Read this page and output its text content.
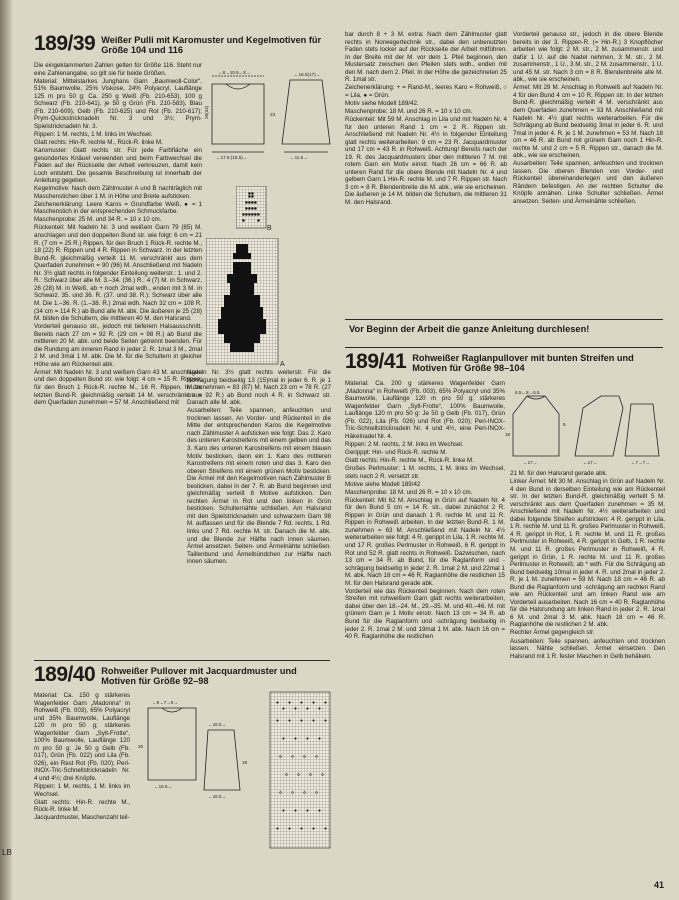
189/39 Weißer Pulli mit Karomuster und Kegelmotiven für Größe 104 und 116
←8→10.5←8→
←17.5 (18.5)→
←16.5(17)→
←11.5→
26(34)	23
B
A

Die eingeklammerten Zahlen gelten für Größe 116. Steht nur eine Zahlenangabe, so gilt sie für beide Größen.

Material: Mittelstarkes Junghans Garn „Baumwoll-Color“, 51% Baumwolle, 25% Viskose, 24% Polyacryl, Lauflänge 125 m pro 50 g: Ca. 250 g Weiß (Fb. 210-653), 100 g Schwarz (Fb. 210-641), je 50 g Grün (Fb. 210-583), Blau (Fb. 210-609), Gelb (Fb. 210-625) und Rot (Fb. 210-617); Prym-Quickstricknadeln Nr. 3 und 3½; Prym-Spielstricknadeln Nr. 3.

Rippen: 1 M. rechts, 1 M. links im Wechsel.

Glatt rechts: Hin-R. rechte M., Rück-R. linke M.

Karomuster: Glatt rechts str. Für jede Farbfläche ein gesondertes Knäuel verwenden und beim Farbwechsel die Fäden auf der Rückseite der Arbeit verkreuzen, damit kein Loch entsteht. Die gesamte Beschreibung ist innerhalb der Anleitung gegeben.

Kegelmotive: Nach dem Zählmuster A und B nachträglich mit Maschenstichen über 1 M. in Höhe und Breite aufsticken.

Zeichenerklärung: Leere Karos = Grundfarbe Weiß, ● = 1 Maschenstich in der entsprechenden Schmuckfarbe.

Maschenprobe: 25 M. und 34 R. = 10 x 10 cm.

Rückenteil: Mit Nadeln Nr. 3 und weißem Garn 79 (85) M. anschlagen und den doppelten Bund str. wie folgt: 6 cm = 21 R. (7 cm = 25 R.) Rippen, für den Bruch 1 Rück-R. rechte M., 18 (22) R. Rippen und 4 R. Rippen in Schwarz. In der letzten Bund-R. gleichmäßig verteilt 11 M. verschränkt aus dem Querfaden zunehmen = 90 (96) M. Anschließend mit Nadeln Nr. 3½ glatt rechts in folgender Einteilung weiterstr.: 1. und 2. R.: Schwarz über alle M. 3.–34. (36.) R.: 4 (7) M. in Schwarz, 26 (28) M. in Weiß, ab + noch 2mal wdh., enden mit 3 M. in Schwarz. 35. und 36. R. (37. und 38. R.): Schwarz über alle M. Die 1.–36. R. (1.–38. R.) 2mal wdh. Nach 32 cm = 108 R. (34 cm = 114 R.) ab Bund alle M. abk. Die äußeren je 25 (28) M. bilden die Schultern, die mittleren 40 M. den Halsrand.

Vorderteil genauso str., jedoch mit tieferem Halsausschnitt. Bereits nach 27 cm = 92 R. (29 cm = 98 R.) ab Bund die mittleren 20 M. abk. und beide Seiten getrennt beenden. Für die Rundung am inneren Rand in jeder 2. R. 1mal 3 M., 2mal 2 M. und 3mal 1 M. abk. Die M. für die Schultern in gleicher Höhe wie am Rückenteil abk.

Ärmel: Mit Nadeln Nr. 3 und weißem Garn 43 M. anschlagen und den doppelten Bund str. wie folgt: 4 cm = 15 R. Rippen, für den Bruch 1 Rück-R. rechte M., 16 R. Rippen. In der letzten Bund-R. gleichmäßig verteilt 14 M. verschränkt aus dem Querfaden zunehmen = 57 M. Anschließend mit

Nadeln Nr. 3½ glatt rechts weiterstr. Für die Schrägung beidseitig 13 (15)mal in jeder 6. R. je 1 M. zunehmen = 83 (87) M. Nach 23 cm = 78 R. (27 cm = 92 R.) ab Bund noch 4 R. in Schwarz str. Danach alle M. abk.

Ausarbeiten: Teile spannen, anfeuchten und trocknen lassen. An Vorder- und Rückenteil in die Mitte der entsprechenden Karos die Kegelmotive nach Zählmuster A aufsticken wie folgt: Das 2. Karo des unteren Karostreifens mit einem gelben und das 3. Karo des unteren Karostreifens mit einem blauen Motiv besticken, dann ein 1. Karo des mittleren Karostreifens mit einem roten und das 3. Karo des oberen Streifens mit einem grünen Motiv besticken. Die Ärmel mit den Kegelmotiven nach Zählmuster B besticken, dabei in der 7. R. ab Bund beginnen und gleichmäßig verteilt 8 Motive aufsticken. Den rechten Ärmel in Rot und den linken in Grün besticken. Schulternähte schließen. Am Halsrand mit den Spielstricknadeln und schwarzem Garn 98 M. auffassen und für die Blende 7 Rd. rechts, 1 Rd. links und 7 Rd. rechte M. str. Danach die M. abk. und die Blende zur Hälfte nach innen säumen. Ärmel ansetzen. Seiten- und Ärmelnähte schließen. Taillenbund und Ärmelbündchen zur Hälfte nach innen säumen.

189/40 Rohweißer Pullover mit Jacquardmuster und Motiven für Größe 92–98

Material: Ca. 150 g stärkeres Wagenfelder Garn „Madonna“ in Rohweiß (Fb. 003), 65% Polyacryl und 35% Baumwolle, Lauflänge 120 m pro 50 g; stärkeres Wagenfelder Garn „Sylt-Frotte“, 100% Baumwolle, Lauflänge 120 m pro 50 g: Je 50 g Gelb (Fb. 017), Grün (Fb. 022) und Lila (Fb. 026), ein Rest Rot (Fb. 020); Perl-INOX-Tric-Schnellstricknadeln Nr. 4 und 4½; drei Knöpfe.

Rippen: 1 M. rechts, 1 M. links im Wechsel.

Glatt rechts: Hin-R. rechte M., Rück-R. linke M.

Jacquardmuster, Maschenzahl teil-

←9→7→9→
←16.5→
←16.5→
←16.5→
26
18

bar durch 8 + 3 M. extra: Nach dem Zählmuster glatt rechts in Norwegertechnik str., dabei den unbenutzten Faden stets locker auf der Rückseite der Arbeit mitführen. In der Breite mit der M. vor dem 1. Pfeil beginnen, den Mustersatz zwischen den Pfeilen stets wdh., enden mit den M. nach dem 2. Pfeil. In der Höhe die gezeichneten 25 R. 1mal str.

Zeichenerklärung: + = Rand-M., leeres Karo = Rohweiß, ○ = Lila, ● = Grün.

Motiv siehe Modell 189/42.

Maschenprobe: 18 M. und 26 R. = 10 x 10 cm.

Rückenteil: Mit 59 M. Anschlag in Lila und mit Nadeln Nr. 4 für den unteren Rand 1 cm = 2 R. Rippen str. Anschließend mit Nadeln Nr. 4½ in folgender Einteilung glatt rechts weiterarbeiten: 9 cm = 23 R. Jacquardmuster und 17 cm = 43 R. in Rohweiß. Achtung! Bereits nach der 19. R. des Jacquardmusters über den mittleren 7 M. mit rotem Garn ein Motiv einstr. Nach 26 cm = 66 R. ab unteren Rand für die obere Blende mit Nadeln Nr. 4 und gelbem Garn 1 Hin-R. rechte M. und 7 R. Rippen str. Nach 3 cm = 8 R. Blendenbreite die M. abk., wie sie erscheinen. Die äußeren je 14 M. bilden die Schultern, die mittleren 31 M. den Halsrand.

Vorderteil genauso str., jedoch in die obere Blende bereits in der 3. Rippen-R. (= Hin-R.) 3 Knopflöcher arbeiten wie folgt: 2 M. str., 2 M. zusammenstr. und dafür 1 U. auf die Nadel nehmen, 3 M. str., 2 M. zusammenstr., 1 U., 3 M. str., 2 M. zusammenstr., 1 U. und 45 M. str. Nach 3 cm = 8 R. Blendenbreite alle M. abk., wie sie erscheinen.

Ärmel: Mit 29 M. Anschlag in Rohweiß auf Nadeln Nr. 4 für den Bund 4 cm = 10 R. Rippen str. In der letzten Bund-R. gleichmäßig verteilt 4 M. verschränkt aus dem Querfaden zunehmen = 33 M. Anschließend mit Nadeln Nr. 4½ glatt rechts weiterarbeiten. Für die Schrägung ab Bund beidseitig 3mal in jeder 6. R. und 7mal in jeder 4. R. je 1 M. zunehmen = 53 M. Nach 18 cm = 46 R. ab Bund mit grünem Garn noch 1 Hin-R. rechte M. und 2 cm = 5 R. Rippen str., danach die M. abk., wie sie erscheinen.

Ausarbeiten: Teile spannen, anfeuchten und trocknen lassen. Die oberen Blenden von Vorder- und Rückenteil übereinanderlegen und den äußeren Rändern befestigen. An der rechten Schulter die Knöpfe annähen. Linke Schulter schließen. Ärmel ansetzen. Seiten- und Ärmelnähte schließen.

Vor Beginn der Arbeit die ganze Anleitung durchlesen!
189/41 Rohweißer Raglanpullover mit bunten Streifen und Motiven für Größe 98–104

Material: Ca. 200 g stärkeres Wagenfelder Garn „Madonna“ in Rohweiß (Fb. 003), 65% Polyacryl und 35% Baumwolle, Lauflänge 120 m pro 50 g; stärkeres Wagenfelder Garn „Sylt-Frotte“, 100% Baumwolle, Lauflänge 120 m pro 50 g: Je 50 g Gelb (Fb. 017), Grün (Fb. 022), Lila (Fb. 026) und Rot (Fb. 020); Perl-INOX-Tric-Schnellstricknadeln Nr. 4 und 4½, eine Perl-INOX-Häkelnadel Nr. 4.

Rippen: 2 M. rechts, 2 M. links im Wechsel.

Geripppt: Hin- und Rück-R. rechte M.

Glatt rechts: Hin-R. rechte M., Rück-R. linke M.

Großes Perlmuster: 1 M. rechts, 1 M. links im Wechsel, stets nach 2 R. versetzt str.

Motive siehe Modell 189/42

Maschenprobe: 18 M. und 26 R. = 10 x 10 cm.

Rückenteil: Mit 62 M. Anschlag in Grün auf Nadeln Nr. 4 für den Bund 5 cm = 14 R. str., dabei zunächst 2 R. Rippen in Grün und danach 1 R. rechte M. und 11 R. Rippen in Rohweiß arbeiten. In der letzten Bund-R. 1 M. zunehmen = 63 M. Anschließend mit Nadeln Nr. 4½ weiterarbeiten wie folgt: 4 R. gerippt in Lila, 1 R. rechte M. und 17 R. großes Perlmuster in Rohweiß, 6 R. gerippt in Rot und 52 R. glatt rechts in Rohweiß. Dazwischen, nach 13 cm = 34 R. ab Bund, für die Raglanform und -schrägung beidseitig in jeder 2. R. 1mal 2 M. und 22mal 1 M. abk. Nach 18 cm = 46 R. Raglanhöhe die restlichen 15 M. für den Halsrand gerade abk.

Vorderteil wie das Rückenteil beginnen. Nach dem roten Streifen mit rohweißem Garn glatt rechts weiterarbeiten, dabei über den 18.–24. M., 29.–35. M. und 40.–46. M. mit grünem Garn je 1 Motiv einstr. Nach 13 cm = 34 R. ab Bund für die Raglanform und -schrägung beidseitig in jeder 2. R. 1mal 2 M. und 19mal 1 M. abk. Nach 16 cm = 40 R. Raglanhöhe die restlichen

6.5←8→6.5
←17→	←17→	←7→7→
18
5

21 M. für den Halsrand gerade abk.

Linker Ärmel: Mit 30 M. Anschlag in Grün auf Nadeln Nr. 4 den Bund in derselben Einteilung wie am Rückenteil str. In der letzten Bund-R. gleichmäßig verteilt 5 M. verschränkt aus dem Querfaden zunehmen = 35 M. Anschließend mit Nadeln Nr. 4½ weiterarbeiten und dabei folgende Streifen aufstricken: 4 R. gerippt in Lila, 1 R. rechte M. und 11 R. großes Perlmuster in Rohweiß, 4 R. gerippt in Rot, 1 R. rechte M. und 11 R. großes Perlmuster in Rohweiß, 4 R. gerippt in Gelb, 1 R. rechte M. und 11 R. großes Perlmuster in Rohweiß, 4 R. gerippt in Grün, 1 R. rechte M. und 11 R. großes Perlmuster in Rohweiß; ab * wdh. Für die Schrägung ab Bund beidseitig 10mal in jeder 4. R. und 2mal in jeder 2. R. je 1 M. zunehmen = 59 M. Nach 18 cm = 46 R. ab Bund die Raglanform und -schrägung am rechten Rand wie am Rückenteil und am linken Rand wie am Vorderteil ausarbeiten. Nach 16 cm = 40 R. Raglanhöhe für die Halsrundung am linken Rand in jeder 2. R. 1mal 6 M. und 2mal 3 M. abk. Nach 18 cm = 46 R. Raglanhöhe die restlichen 2 M. abk.

Rechter Ärmel gegengleich str.

Ausarbeiten: Teile spannen, anfeuchten und trocknen lassen. Nähte schließen. Ärmel einsetzen. Den Halsrand mit 1 R. fester Maschen in Gelb behäkeln.

LB
41
